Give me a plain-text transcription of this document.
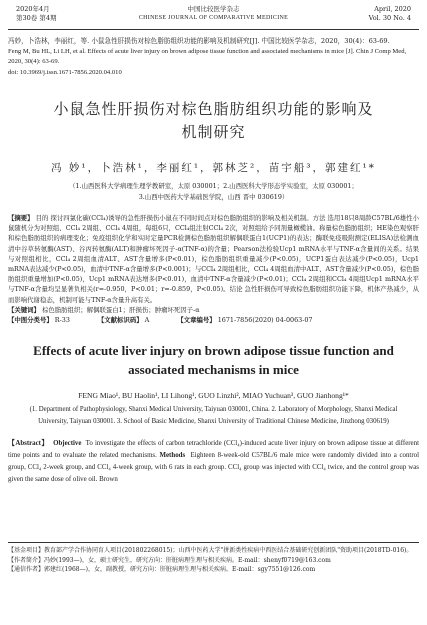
2020年4月
第30卷 第4期
中国比较医学杂志
CHINESE JOURNAL OF COMPARATIVE MEDICINE
April, 2020
Vol. 30 No. 4
冯妙，卜浩林，李丽红，等. 小鼠急性肝损伤对棕色脂肪组织功能的影响及机制研究[J]. 中国比较医学杂志，2020，30(4)：63-69.
Feng M, Bu HL, Li LH, et al. Effects of acute liver injury on brown adipose tissue function and associated mechanisms in mice [J]. Chin J Comp Med, 2020, 30(4): 63-69.
doi: 10.3969/j.issn.1671-7856.2020.04.010
小鼠急性肝损伤对棕色脂肪组织功能的影响及
机制研究
冯 妙¹，卜浩林¹，李丽红¹，郭林芝²，苗宇船³，郭建红¹*
（1.山西医科大学病理生理学教研室，太原 030001；2.山西医科大学形态学实验室，太原 030001；
3.山西中医药大学基础医学院，山西 晋中 030619）
【摘要】 目的 探讨四氯化碳(CCl₄)诱导的急性肝损伤小鼠在不同时间点对棕色脂肪组织的影响及相关机制。方法 选用18只8周龄C57BL/6雄性小鼠随机分为对照组、CCl₄ 2周组、CCl₄ 4周组，每组6只，CCl₄组注射CCl₄ 2次，对照组给予同剂量橄榄油。称量棕色脂肪组织；HE染色观察肝和棕色脂肪组织的病理变化；免疫组织化学和实时定量PCR检测棕色脂肪组织解偶联蛋白1(UCP1)的表达；酶联免疫吸附测定(ELISA)法检测血清中谷草转氨酶(AST)、谷丙转氨酶(ALT)和肿瘤坏死因子-α(TNF-α)的含量；Pearson法检验Ucp1 mRNA水平与TNF-α含量间的关系。结果 与对照组相比，CCl₄ 2周组血清ALT、AST含量增多(P<0.01)，棕色脂肪组织重量减少(P<0.05)，UCP1蛋白表达减少(P<0.05)，Ucp1 mRNA表达减少(P<0.05)，血清中TNF-α含量增多(P<0.001)；与CCl₄ 2周组相比，CCl₄ 4周组血清中ALT、AST含量减少(P<0.05)，棕色脂肪组织重量增加(P<0.05)，Ucp1 mRNA表达增多(P<0.01)，血清中TNF-α含量减少(P<0.01)；CCl₄ 2周组和CCl₄ 4周组Ucp1 mRNA水平与TNF-α含量均呈显著负相关(r=-0.950，P<0.01；r=-0.859，P<0.05)。结论 急性肝损伤可导致棕色脂肪组织功能下降，机体产热减少，从而影响代谢稳态，机制可能与TNF-α含量升高有关。
【关键词】 棕色脂肪组织；解偶联蛋白1；肝损伤；肿瘤坏死因子-α
【中图分类号】 R-33	【文献标识码】 A	【文章编号】 1671-7856(2020) 04-0063-07
Effects of acute liver injury on brown adipose tissue function and
associated mechanisms in mice
FENG Miao¹, BU Haolin¹, LI Lihong¹, GUO Linzhi², MIAO Yuchuan³, GUO Jianhong¹*
(1. Department of Pathophysiology, Shanxi Medical University, Taiyuan 030001, China. 2. Laboratory of Morphology, Shanxi Medical University, Taiyuan 030001. 3. School of Basic Medicine, Shanxi University of Traditional Chinese Medicine, Jinzhong 030619)
【Abstract】 Objective To investigate the effects of carbon tetrachloride (CCl₄)-induced acute liver injury on brown adipose tissue at different time points and to evaluate the related mechanisms. Methods Eighteen 8-week-old C57BL/6 male mice were randomly divided into a control group, CCl₄ 2-week group, and CCl₄ 4-week group, with 6 rats in each group. CCl₄ group was injected with CCl₄ twice, and the control group was given the same dose of olive oil. Brown
【基金项目】教育部产学合作协同育人项目(201802268015)；山西中医药大学"拼新类性疾病中西医结合基础研究创新团队"资助项目(2018TD-016)。
【作者简介】冯妙(1993—)，女，硕士研究生，研究方向：肝脏病理生理与相关疾病。E-mail：shenyf0719@163.com
【通信作者】郭建红(1968—)，女，副教授，研究方向：肝脏病理生理与相关疾病。E-mail：sgy7551@126.com
